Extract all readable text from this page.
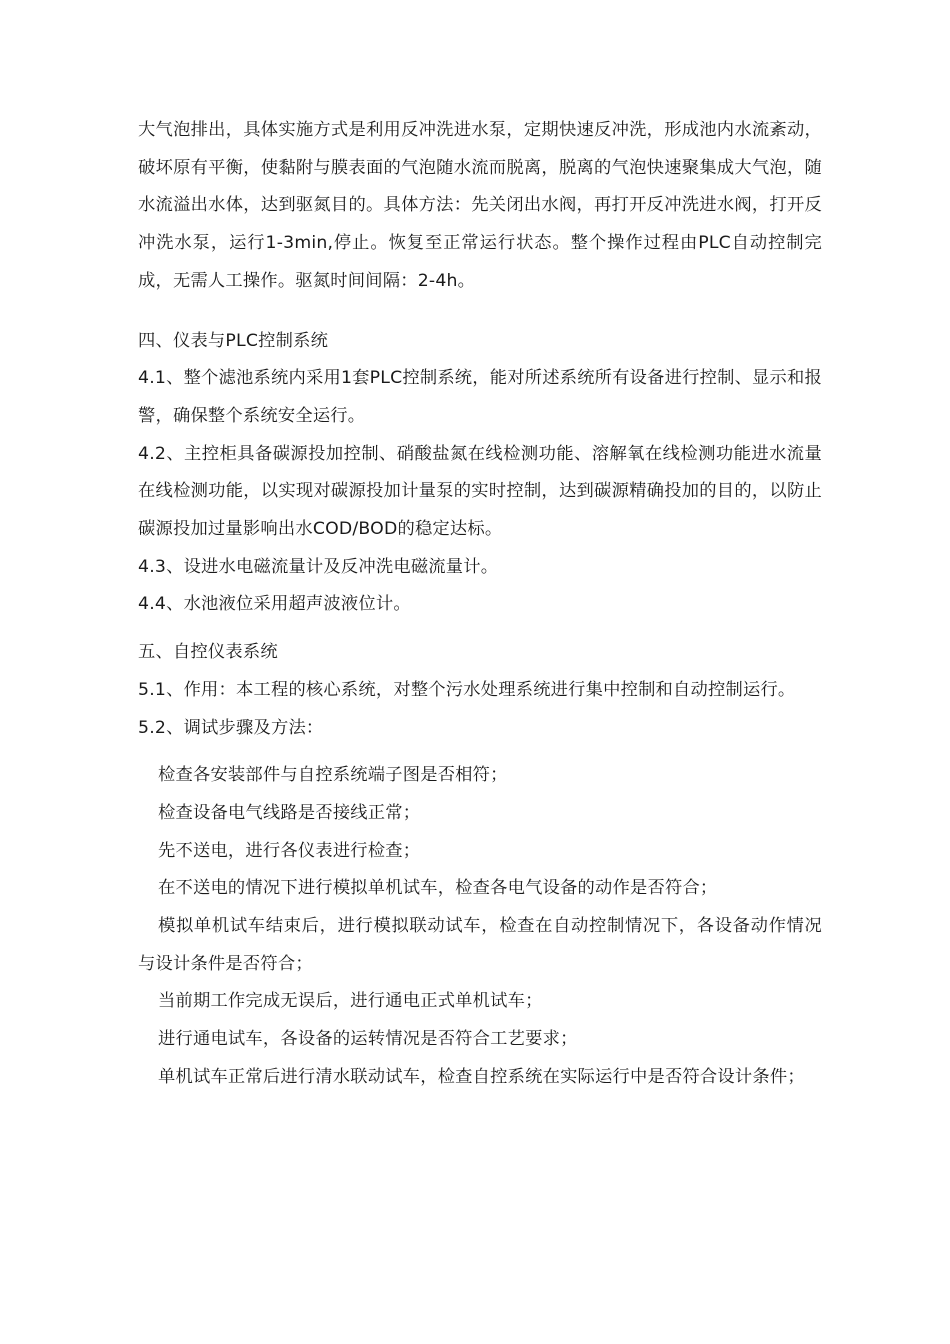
大气泡排出，具体实施方式是利用反冲洗进水泵，定期快速反冲洗，形成池内水流紊动，破坏原有平衡，使黏附与膜表面的气泡随水流而脱离，脱离的气泡快速聚集成大气泡，随水流溢出水体，达到驱氮目的。具体方法：先关闭出水阀，再打开反冲洗进水阀，打开反冲洗水泵，运行1-3min,停止。恢复至正常运行状态。整个操作过程由PLC自动控制完成，无需人工操作。驱氮时间间隔：2-4h。

四、仪表与PLC控制系统

4.1、整个滤池系统内采用1套PLC控制系统，能对所述系统所有设备进行控制、显示和报警，确保整个系统安全运行。

4.2、主控柜具备碳源投加控制、硝酸盐氮在线检测功能、溶解氧在线检测功能进水流量在线检测功能，以实现对碳源投加计量泵的实时控制，达到碳源精确投加的目的，以防止碳源投加过量影响出水COD/BOD的稳定达标。

4.3、设进水电磁流量计及反冲洗电磁流量计。

4.4、水池液位采用超声波液位计。

五、自控仪表系统

5.1、作用：本工程的核心系统，对整个污水处理系统进行集中控制和自动控制运行。

5.2、调试步骤及方法：

检查各安装部件与自控系统端子图是否相符；

检查设备电气线路是否接线正常；

先不送电，进行各仪表进行检查；

在不送电的情况下进行模拟单机试车，检查各电气设备的动作是否符合；

模拟单机试车结束后，进行模拟联动试车，检查在自动控制情况下，各设备动作情况与设计条件是否符合；

当前期工作完成无误后，进行通电正式单机试车；

进行通电试车，各设备的运转情况是否符合工艺要求；

单机试车正常后进行清水联动试车，检查自控系统在实际运行中是否符合设计条件；
